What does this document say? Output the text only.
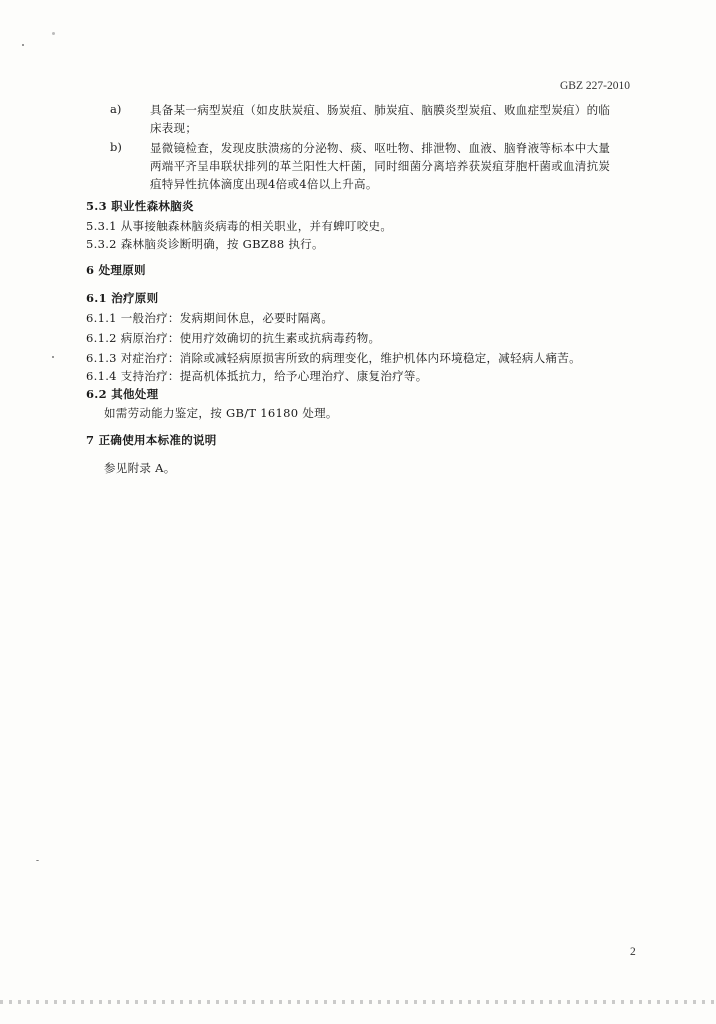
GBZ 227-2010
a) 具备某一病型炭疽（如皮肤炭疽、肠炭疽、肺炭疽、脑膜炎型炭疽、败血症型炭疽）的临
床表现；
b) 显微镜检查，发现皮肤溃疡的分泌物、痰、呕吐物、排泄物、血液、脑脊液等标本中大量
两端平齐呈串联状排列的革兰阳性大杆菌，同时细菌分离培养获炭疽芽胞杆菌或血清抗炭
疽特异性抗体滴度出现4倍或4倍以上升高。
5.3 职业性森林脑炎
5.3.1 从事接触森林脑炎病毒的相关职业，并有蜱叮咬史。
5.3.2 森林脑炎诊断明确，按 GBZ88 执行。
6 处理原则
6.1 治疗原则
6.1.1 一般治疗：发病期间休息，必要时隔离。
6.1.2 病原治疗：使用疗效确切的抗生素或抗病毒药物。
6.1.3 对症治疗：消除或减轻病原损害所致的病理变化，维护机体内环境稳定，减轻病人痛苦。
6.1.4 支持治疗：提高机体抵抗力，给予心理治疗、康复治疗等。
6.2 其他处理
如需劳动能力鉴定，按 GB/T 16180 处理。
7 正确使用本标准的说明
参见附录 A。
2
